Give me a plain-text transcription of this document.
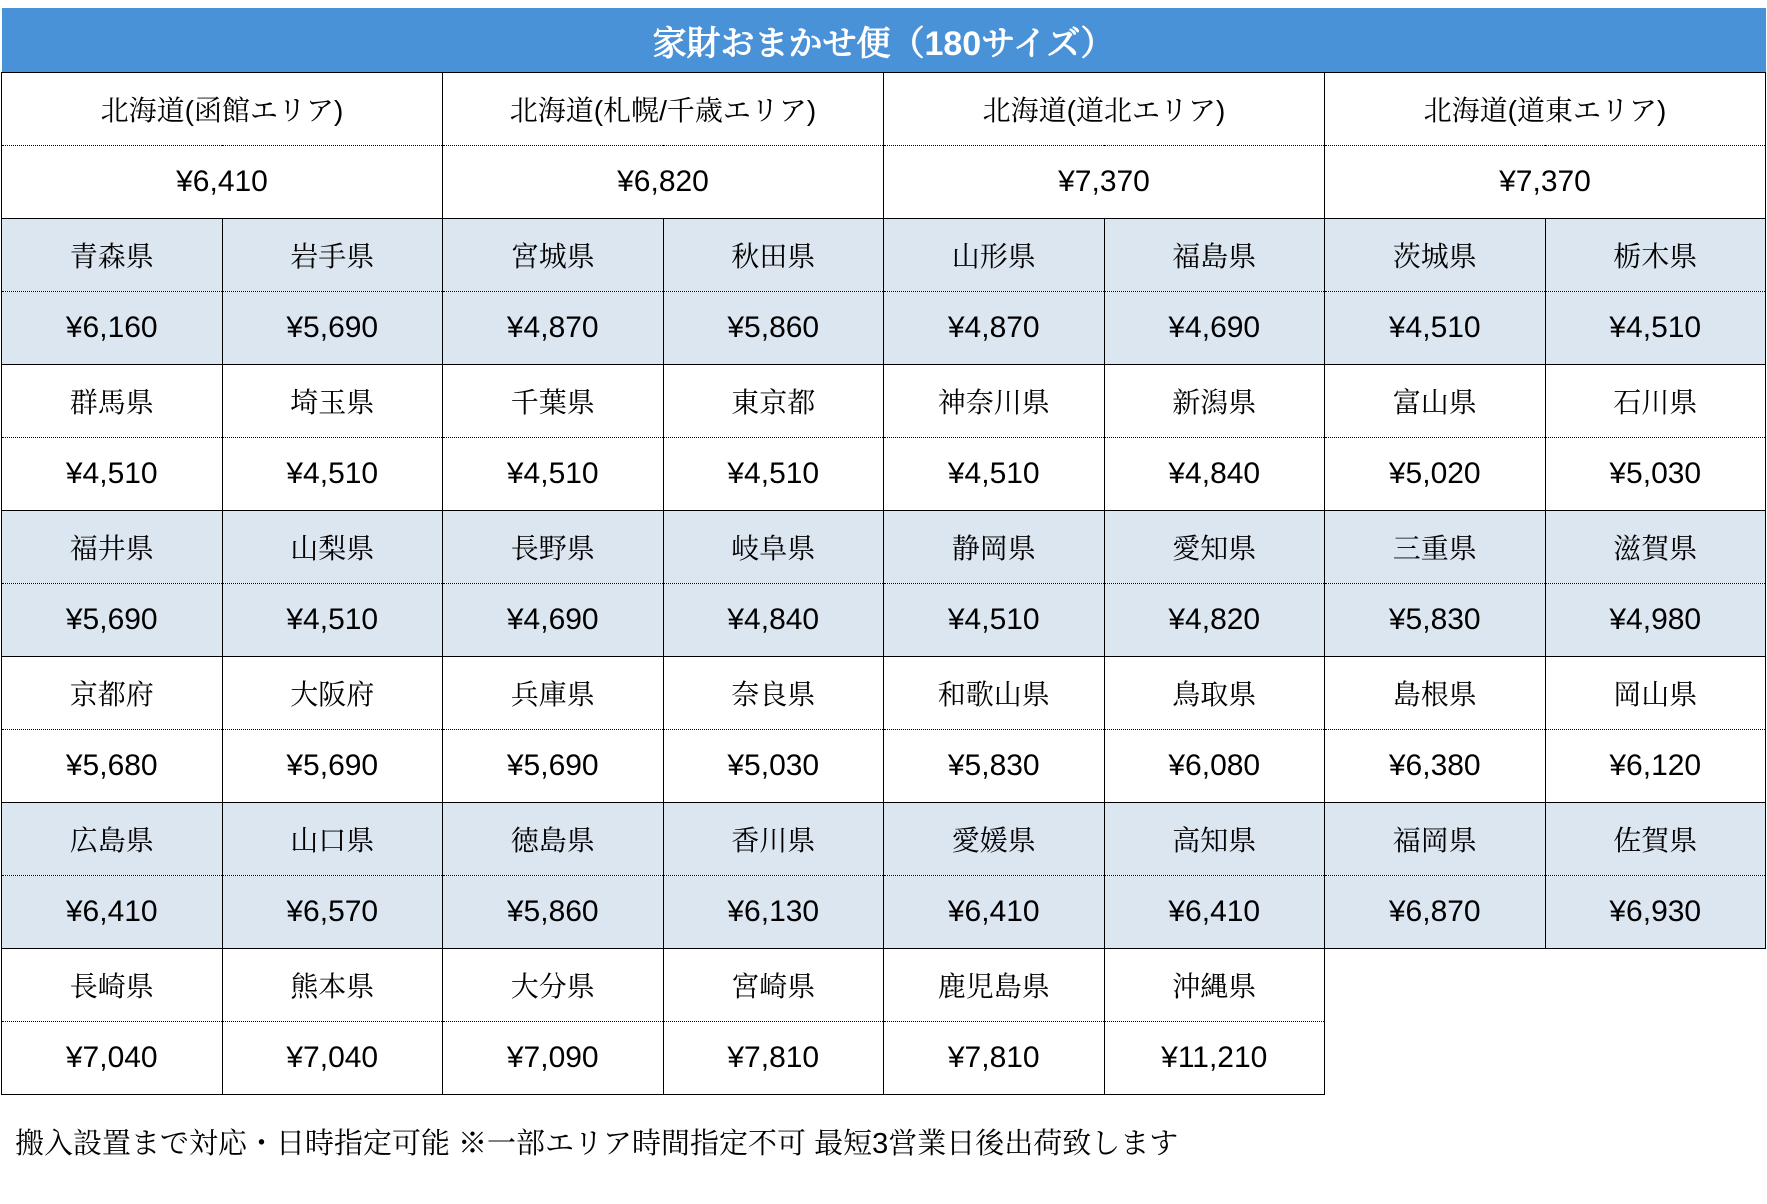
家財おまかせ便（180サイズ）							
北海道(函館エリア)		北海道(札幌/千歳エリア)		北海道(道北エリア)		北海道(道東エリア)	
¥6,410		¥6,820		¥7,370		¥7,370	
青森県	岩手県	宮城県	秋田県	山形県	福島県	茨城県	栃木県
¥6,160	¥5,690	¥4,870	¥5,860	¥4,870	¥4,690	¥4,510	¥4,510
群馬県	埼玉県	千葉県	東京都	神奈川県	新潟県	富山県	石川県
¥4,510	¥4,510	¥4,510	¥4,510	¥4,510	¥4,840	¥5,020	¥5,030
福井県	山梨県	長野県	岐阜県	静岡県	愛知県	三重県	滋賀県
¥5,690	¥4,510	¥4,690	¥4,840	¥4,510	¥4,820	¥5,830	¥4,980
京都府	大阪府	兵庫県	奈良県	和歌山県	鳥取県	島根県	岡山県
¥5,680	¥5,690	¥5,690	¥5,030	¥5,830	¥6,080	¥6,380	¥6,120
広島県	山口県	徳島県	香川県	愛媛県	高知県	福岡県	佐賀県
¥6,410	¥6,570	¥5,860	¥6,130	¥6,410	¥6,410	¥6,870	¥6,930
長崎県	熊本県	大分県	宮崎県	鹿児島県	沖縄県		
¥7,040	¥7,040	¥7,090	¥7,810	¥7,810	¥11,210		
搬入設置まで対応・日時指定可能 ※一部エリア時間指定不可 最短3営業日後出荷致します
